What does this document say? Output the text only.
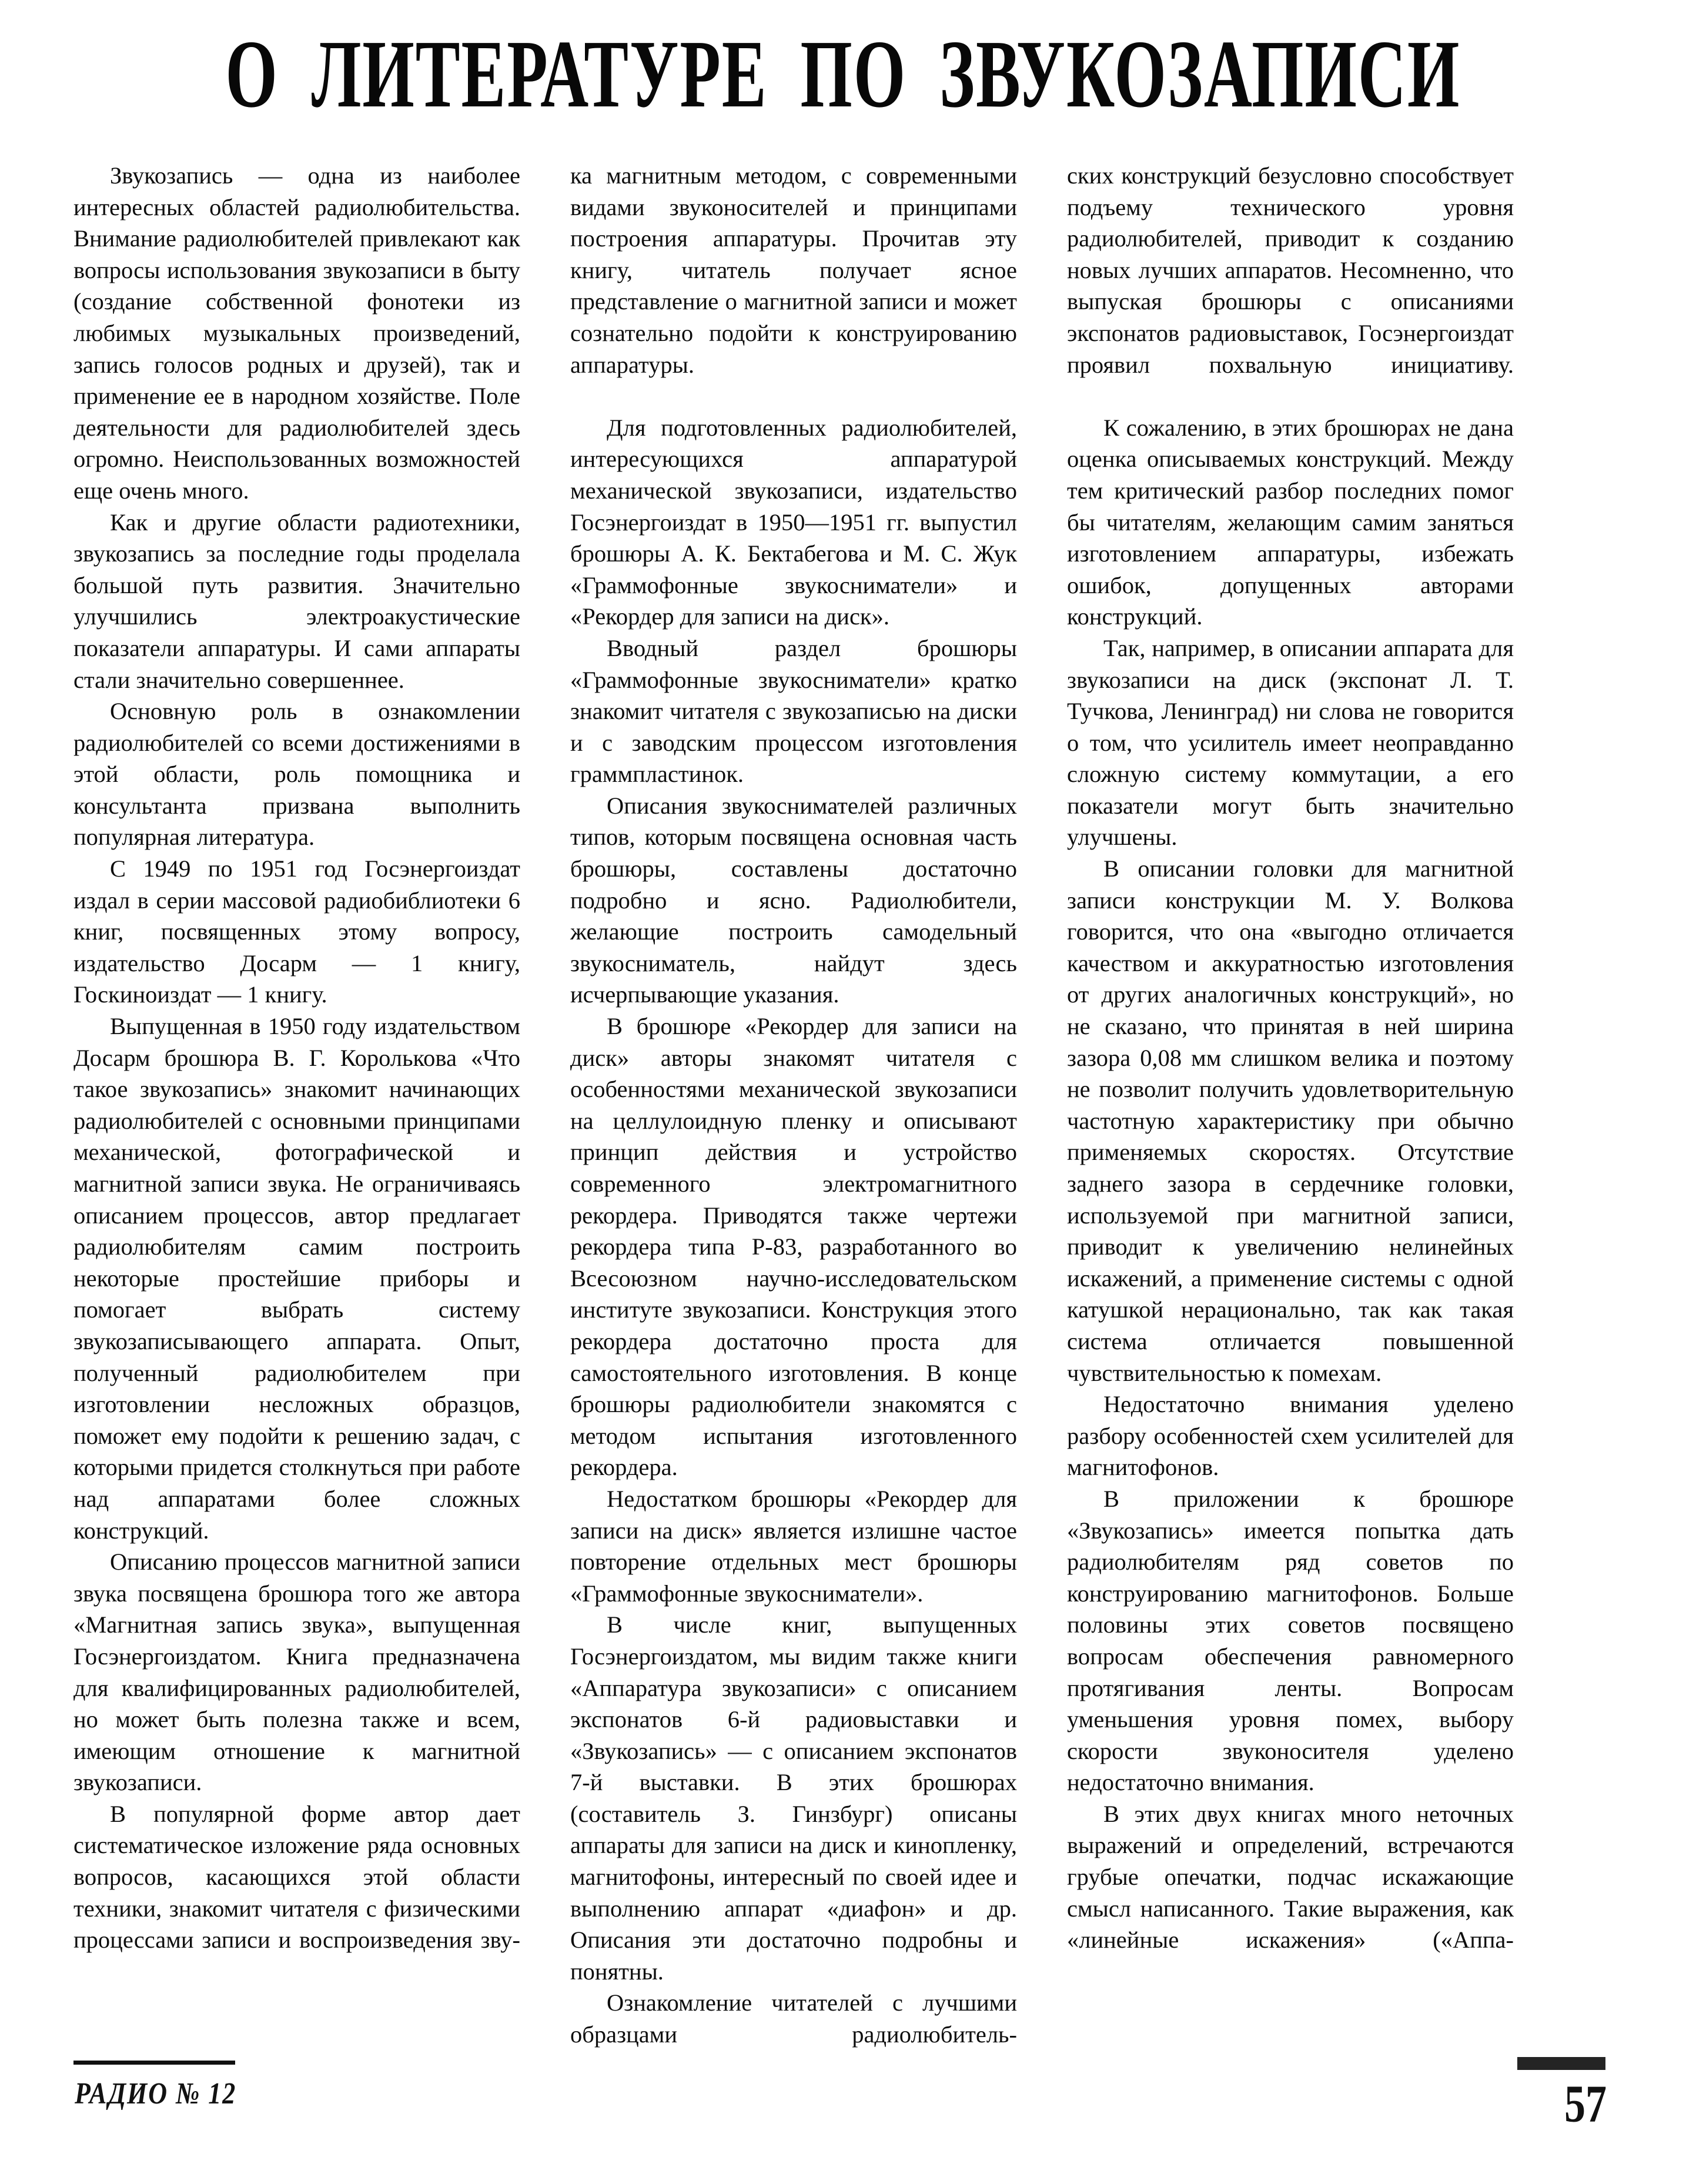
О ЛИТЕРАТУРЕ ПО ЗВУКОЗАПИСИ

Звукозапись — одна из наиболее интересных областей радиолюбительства. Внимание радиолюбителей привлекают как вопросы использования звукозаписи в быту (создание собственной фонотеки из любимых музыкальных произведений, запись голосов родных и друзей), так и применение ее в народном хозяйстве. Поле деятельности для радиолюбителей здесь огромно. Неиспользованных возможностей еще очень много.

Как и другие области радиотехники, звукозапись за последние годы проделала большой путь развития. Значительно улучшились электроакустические показатели аппаратуры. И сами аппараты стали значительно совершеннее.

Основную роль в ознакомлении радиолюбителей со всеми достижениями в этой области, роль помощника и консультанта призвана выполнить популярная литература.

С 1949 по 1951 год Госэнергоиздат издал в серии массовой радиобиблиотеки 6 книг, посвященных этому вопросу, издательство Досарм — 1 книгу, Госкиноиздат — 1 книгу.

Выпущенная в 1950 году издательством Досарм брошюра В. Г. Королькова «Что такое звукозапись» знакомит начинающих радиолюбителей с основными принципами механической, фотографической и магнитной записи звука. Не ограничиваясь описанием процессов, автор предлагает радиолюбителям самим построить некоторые простейшие приборы и помогает выбрать систему звукозаписывающего аппарата. Опыт, полученный радиолюбителем при изготовлении несложных образцов, поможет ему подойти к решению задач, с которыми придется столкнуться при работе над аппаратами более сложных конструкций.

Описанию процессов магнитной записи звука посвящена брошюра того же автора «Магнитная запись звука», выпущенная Госэнергоиздатом. Книга предназначена для квалифицированных радиолюбителей, но может быть полезна также и всем, имеющим отношение к магнитной звукозаписи.

В популярной форме автор дает систематическое изложение ряда основных вопросов, касающихся этой области техники, знакомит читателя с физическими процессами записи и воспроизведения зву-

ка магнитным методом, с современными видами звуконосителей и принципами построения аппаратуры. Прочитав эту книгу, читатель получает ясное представление о магнитной записи и может сознательно подойти к конструированию аппаратуры.

Для подготовленных радиолюбителей, интересующихся аппаратурой механической звукозаписи, издательство Госэнергоиздат в 1950—1951 гг. выпустил брошюры А. К. Бектабегова и М. С. Жук «Граммофонные звукосниматели» и «Рекордер для записи на диск».

Вводный раздел брошюры «Граммофонные звукосниматели» кратко знакомит читателя с звукозаписью на диски и с заводским процессом изготовления граммпластинок.

Описания звукоснимателей различных типов, которым посвящена основная часть брошюры, составлены достаточно подробно и ясно. Радиолюбители, желающие построить самодельный звукосниматель, найдут здесь исчерпывающие указания.

В брошюре «Рекордер для записи на диск» авторы знакомят читателя с особенностями механической звукозаписи на целлулоидную пленку и описывают принцип действия и устройство современного электромагнитного рекордера. Приводятся также чертежи рекордера типа Р-83, разработанного во Всесоюзном научно-исследовательском институте звукозаписи. Конструкция этого рекордера достаточно проста для самостоятельного изготовления. В конце брошюры радиолюбители знакомятся с методом испытания изготовленного рекордера.

Недостатком брошюры «Рекордер для записи на диск» является излишне частое повторение отдельных мест брошюры «Граммофонные звукосниматели».

В числе книг, выпущенных Госэнергоиздатом, мы видим также книги «Аппаратура звукозаписи» с описанием экспонатов 6-й радиовыставки и «Звукозапись» — с описанием экспонатов 7-й выставки. В этих брошюрах (составитель З. Гинзбург) описаны аппараты для записи на диск и кинопленку, магнитофоны, интересный по своей идее и выполнению аппарат «диафон» и др. Описания эти достаточно подробны и понятны.

Ознакомление читателей с лучшими образцами радиолюбитель-

ских конструкций безусловно способствует подъему технического уровня радиолюбителей, приводит к созданию новых лучших аппаратов. Несомненно, что выпуская брошюры с описаниями экспонатов радиовыставок, Госэнергоиздат проявил похвальную инициативу.

К сожалению, в этих брошюрах не дана оценка описываемых конструкций. Между тем критический разбор последних помог бы читателям, желающим самим заняться изготовлением аппаратуры, избежать ошибок, допущенных авторами конструкций.

Так, например, в описании аппарата для звукозаписи на диск (экспонат Л. Т. Тучкова, Ленинград) ни слова не говорится о том, что усилитель имеет неоправданно сложную систему коммутации, а его показатели могут быть значительно улучшены.

В описании головки для магнитной записи конструкции М. У. Волкова говорится, что она «выгодно отличается качеством и аккуратностью изготовления от других аналогичных конструкций», но не сказано, что принятая в ней ширина зазора 0,08 мм слишком велика и поэтому не позволит получить удовлетворительную частотную характеристику при обычно применяемых скоростях. Отсутствие заднего зазора в сердечнике головки, используемой при магнитной записи, приводит к увеличению нелинейных искажений, а применение системы с одной катушкой нерационально, так как такая система отличается повышенной чувствительностью к помехам.

Недостаточно внимания уделено разбору особенностей схем усилителей для магнитофонов.

В приложении к брошюре «Звукозапись» имеется попытка дать радиолюбителям ряд советов по конструированию магнитофонов. Больше половины этих советов посвящено вопросам обеспечения равномерного протягивания ленты. Вопросам уменьшения уровня помех, выбору скорости звуконосителя уделено недостаточно внимания.

В этих двух книгах много неточных выражений и определений, встречаются грубые опечатки, подчас искажающие смысл написанного. Такие выражения, как «линейные искажения» («Аппа-

РАДИО № 12	57
